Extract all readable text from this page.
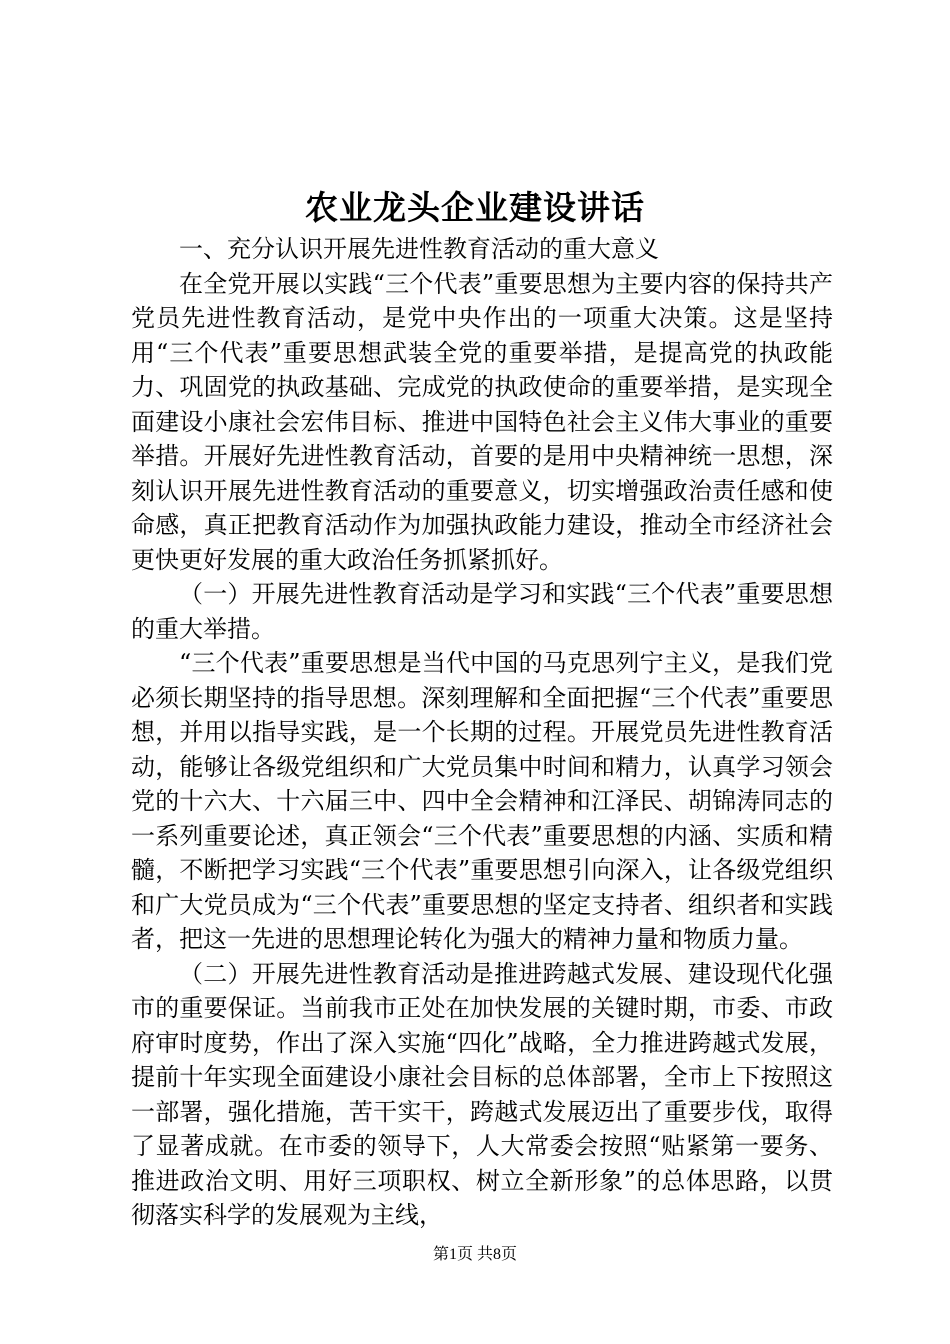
农业龙头企业建设讲话

一、充分认识开展先进性教育活动的重大意义

在全党开展以实践“三个代表”重要思想为主要内容的保持共产党员先进性教育活动，是党中央作出的一项重大决策。这是坚持用“三个代表”重要思想武装全党的重要举措，是提高党的执政能力、巩固党的执政基础、完成党的执政使命的重要举措，是实现全面建设小康社会宏伟目标、推进中国特色社会主义伟大事业的重要举措。开展好先进性教育活动，首要的是用中央精神统一思想，深刻认识开展先进性教育活动的重要意义，切实增强政治责任感和使命感，真正把教育活动作为加强执政能力建设，推动全市经济社会更快更好发展的重大政治任务抓紧抓好。

（一）开展先进性教育活动是学习和实践“三个代表”重要思想的重大举措。

“三个代表”重要思想是当代中国的马克思列宁主义，是我们党必须长期坚持的指导思想。深刻理解和全面把握“三个代表”重要思想，并用以指导实践，是一个长期的过程。开展党员先进性教育活动，能够让各级党组织和广大党员集中时间和精力，认真学习领会党的十六大、十六届三中、四中全会精神和江泽民、胡锦涛同志的一系列重要论述，真正领会“三个代表”重要思想的内涵、实质和精髓，不断把学习实践“三个代表”重要思想引向深入，让各级党组织和广大党员成为“三个代表”重要思想的坚定支持者、组织者和实践者，把这一先进的思想理论转化为强大的精神力量和物质力量。

（二）开展先进性教育活动是推进跨越式发展、建设现代化强市的重要保证。当前我市正处在加快发展的关键时期，市委、市政府审时度势，作出了深入实施“四化”战略，全力推进跨越式发展，提前十年实现全面建设小康社会目标的总体部署，全市上下按照这一部署，强化措施，苦干实干，跨越式发展迈出了重要步伐，取得了显著成就。在市委的领导下，人大常委会按照“贴紧第一要务、推进政治文明、用好三项职权、树立全新形象”的总体思路，以贯彻落实科学的发展观为主线，

第1页 共8页
